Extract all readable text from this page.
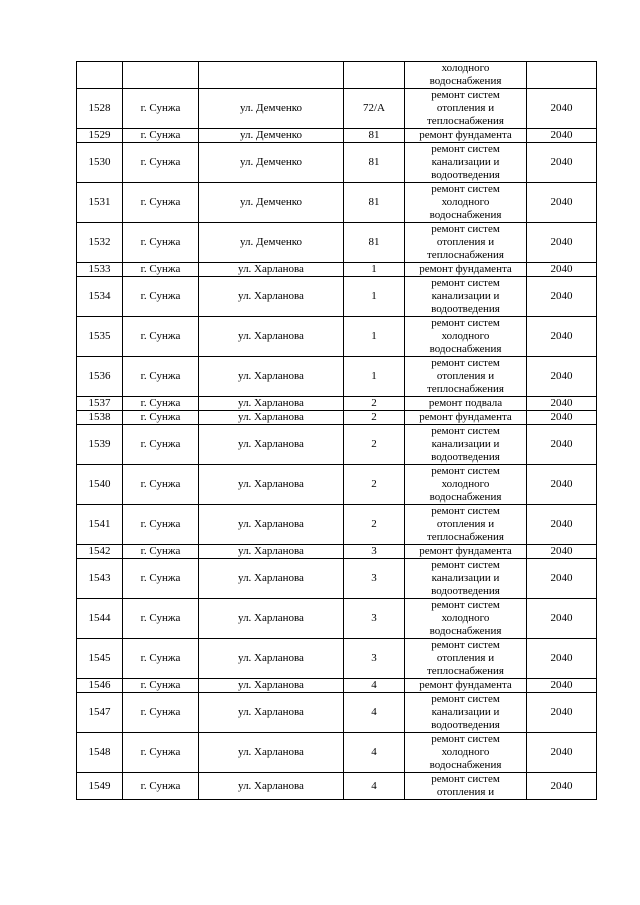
				холодного
водоснабжения	

1528	г. Сунжа	ул. Демченко	72/А	ремонт систем
отопления и
теплоснабжения	2040
1529	г. Сунжа	ул. Демченко	81	ремонт фундамента	2040
1530	г. Сунжа	ул. Демченко	81	ремонт систем
канализации и
водоотведения	2040
1531	г. Сунжа	ул. Демченко	81	ремонт систем
холодного
водоснабжения	2040
1532	г. Сунжа	ул. Демченко	81	ремонт систем
отопления и
теплоснабжения	2040
1533	г. Сунжа	ул. Харланова	1	ремонт фундамента	2040
1534	г. Сунжа	ул. Харланова	1	ремонт систем
канализации и
водоотведения	2040
1535	г. Сунжа	ул. Харланова	1	ремонт систем
холодного
водоснабжения	2040
1536	г. Сунжа	ул. Харланова	1	ремонт систем
отопления и
теплоснабжения	2040
1537	г. Сунжа	ул. Харланова	2	ремонт подвала	2040
1538	г. Сунжа	ул. Харланова	2	ремонт фундамента	2040
1539	г. Сунжа	ул. Харланова	2	ремонт систем
канализации и
водоотведения	2040
1540	г. Сунжа	ул. Харланова	2	ремонт систем
холодного
водоснабжения	2040
1541	г. Сунжа	ул. Харланова	2	ремонт систем
отопления и
теплоснабжения	2040
1542	г. Сунжа	ул. Харланова	3	ремонт фундамента	2040
1543	г. Сунжа	ул. Харланова	3	ремонт систем
канализации и
водоотведения	2040
1544	г. Сунжа	ул. Харланова	3	ремонт систем
холодного
водоснабжения	2040
1545	г. Сунжа	ул. Харланова	3	ремонт систем
отопления и
теплоснабжения	2040
1546	г. Сунжа	ул. Харланова	4	ремонт фундамента	2040
1547	г. Сунжа	ул. Харланова	4	ремонт систем
канализации и
водоотведения	2040
1548	г. Сунжа	ул. Харланова	4	ремонт систем
холодного
водоснабжения	2040
1549	г. Сунжа	ул. Харланова	4	ремонт систем
отопления и	2040
